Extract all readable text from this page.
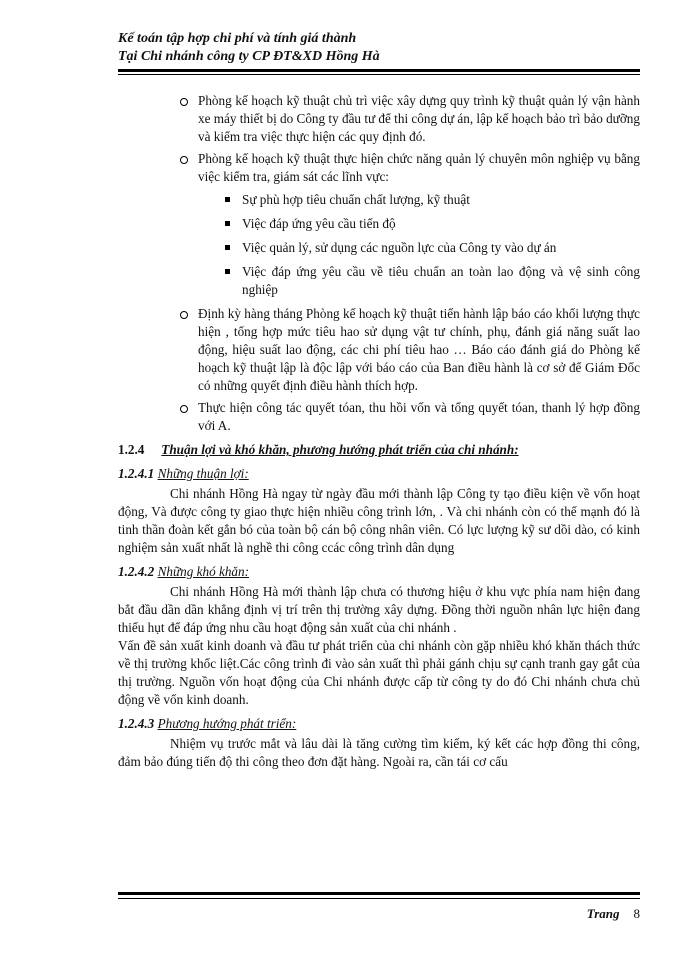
Kế toán tập hợp chi phí và tính giá thành
Tại Chi nhánh công ty CP ĐT&XD Hồng Hà
Phòng kế hoạch kỹ thuật chủ trì việc xây dựng quy trình kỹ thuật quản lý vận hành xe máy thiết bị do Công ty đầu tư để thi công dự án, lập kế hoạch bảo trì bảo dưỡng và kiểm tra việc thực hiện các quy định đó.
Phòng kế hoạch kỹ thuật thực hiện chức năng quản lý chuyên môn nghiệp vụ bằng việc kiểm tra, giám sát các lĩnh vực:
Sự phù hợp tiêu chuẩn chất lượng, kỹ thuật
Việc đáp ứng yêu cầu tiến độ
Việc quản lý, sử dụng các nguồn lực của Công ty vào dự án
Việc đáp ứng yêu cầu về tiêu chuẩn an toàn lao động và vệ sinh công nghiệp
Định kỳ hàng tháng Phòng kế hoạch kỹ thuật tiến hành lập báo cáo khối lượng thực hiện , tổng hợp mức tiêu hao sử dụng vật tư chính, phụ, đánh giá năng suất lao động, hiệu suất lao động, các chi phí tiêu hao … Báo cáo đánh giá do Phòng kế hoạch kỹ thuật lập là độc lập với báo cáo của Ban điều hành là cơ sở để Giám Đốc có những quyết định điều hành thích hợp.
Thực hiện công tác quyết tóan, thu hồi vốn và tổng quyết tóan, thanh lý hợp đồng với A.
1.2.4 Thuận lợi và khó khăn, phương hướng phát triển của chi nhánh:
1.2.4.1 Những thuận lợi:
Chi nhánh Hồng Hà ngay từ ngày đầu mới thành lập Công ty tạo điều kiện về vốn hoạt động, Và được công ty giao thực hiện nhiều công trình lớn, . Và chi nhánh còn có thế mạnh đó là tinh thần đoàn kết gắn bó của toàn bộ cán bộ công nhân viên. Có lực lượng kỹ sư dồi dào, có kinh nghiệm sản xuất nhất là nghề thi công ccác công trình dân dụng
1.2.4.2 Những khó khăn:
Chi nhánh Hồng Hà mới thành lập chưa có thương hiệu ở khu vực phía nam hiện đang bắt đầu dần dần khẳng định vị trí trên thị trường xây dựng. Đồng thời nguồn nhân lực hiện đang thiếu hụt để đáp ứng nhu cầu hoạt động sản xuất của chi nhánh .
Vấn đề sản xuất kinh doanh và đầu tư phát triển của chi nhánh còn gặp nhiều khó khăn thách thức về thị trường khốc liệt.Các công trình đi vào sản xuất thì phải gánh chịu sự cạnh tranh gay gắt của thị trường. Nguồn vốn hoạt động của Chi nhánh được cấp từ công ty do đó Chi nhánh chưa chủ động về vốn kinh doanh.
1.2.4.3 Phương hướng phát triển:
Nhiệm vụ trước mắt và lâu dài là tăng cường tìm kiếm, ký kết các hợp đồng thi công, đảm bảo đúng tiến độ thi công theo đơn đặt hàng. Ngoài ra, cần tái cơ cấu
Trang 8
